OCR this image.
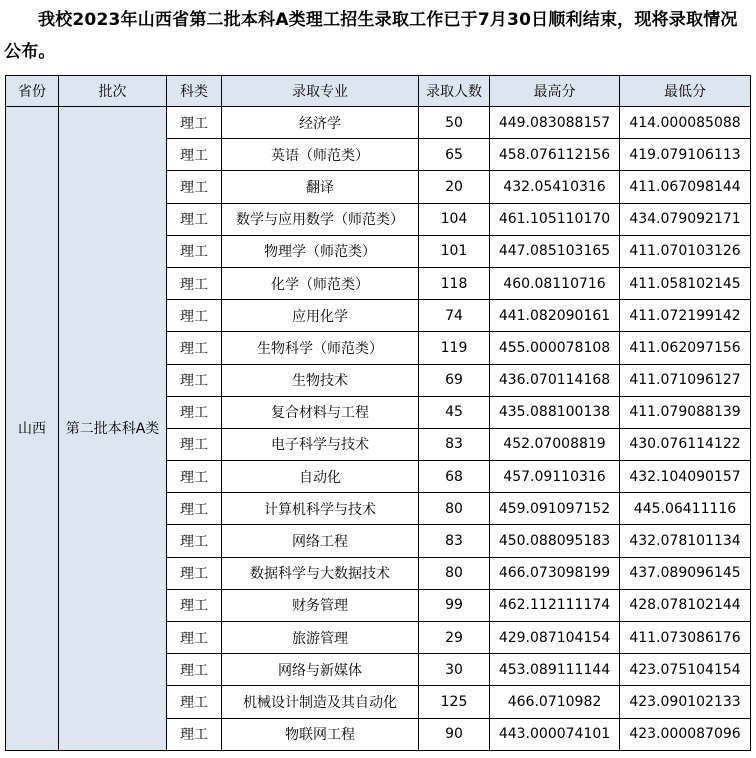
我校2023年山西省第二批本科A类理工招生录取工作已于7月30日顺利结束，现将录取情况公布。
省份	批次	科类	录取专业	录取人数	最高分	最低分
山西	第二批本科A类	理工	经济学	50	449.083088157	414.000085088
		理工	英语（师范类）	65	458.076112156	419.079106113
		理工	翻译	20	432.05410316	411.067098144
		理工	数学与应用数学（师范类）	104	461.105110170	434.079092171
		理工	物理学（师范类）	101	447.085103165	411.070103126
		理工	化学（师范类）	118	460.08110716	411.058102145
		理工	应用化学	74	441.082090161	411.072199142
		理工	生物科学（师范类）	119	455.000078108	411.062097156
		理工	生物技术	69	436.070114168	411.071096127
		理工	复合材料与工程	45	435.088100138	411.079088139
		理工	电子科学与技术	83	452.07008819	430.076114122
		理工	自动化	68	457.09110316	432.104090157
		理工	计算机科学与技术	80	459.091097152	445.06411116
		理工	网络工程	83	450.088095183	432.078101134
		理工	数据科学与大数据技术	80	466.073098199	437.089096145
		理工	财务管理	99	462.112111174	428.078102144
		理工	旅游管理	29	429.087104154	411.073086176
		理工	网络与新媒体	30	453.089111144	423.075104154
		理工	机械设计制造及其自动化	125	466.0710982	423.090102133
		理工	物联网工程	90	443.000074101	423.000087096
